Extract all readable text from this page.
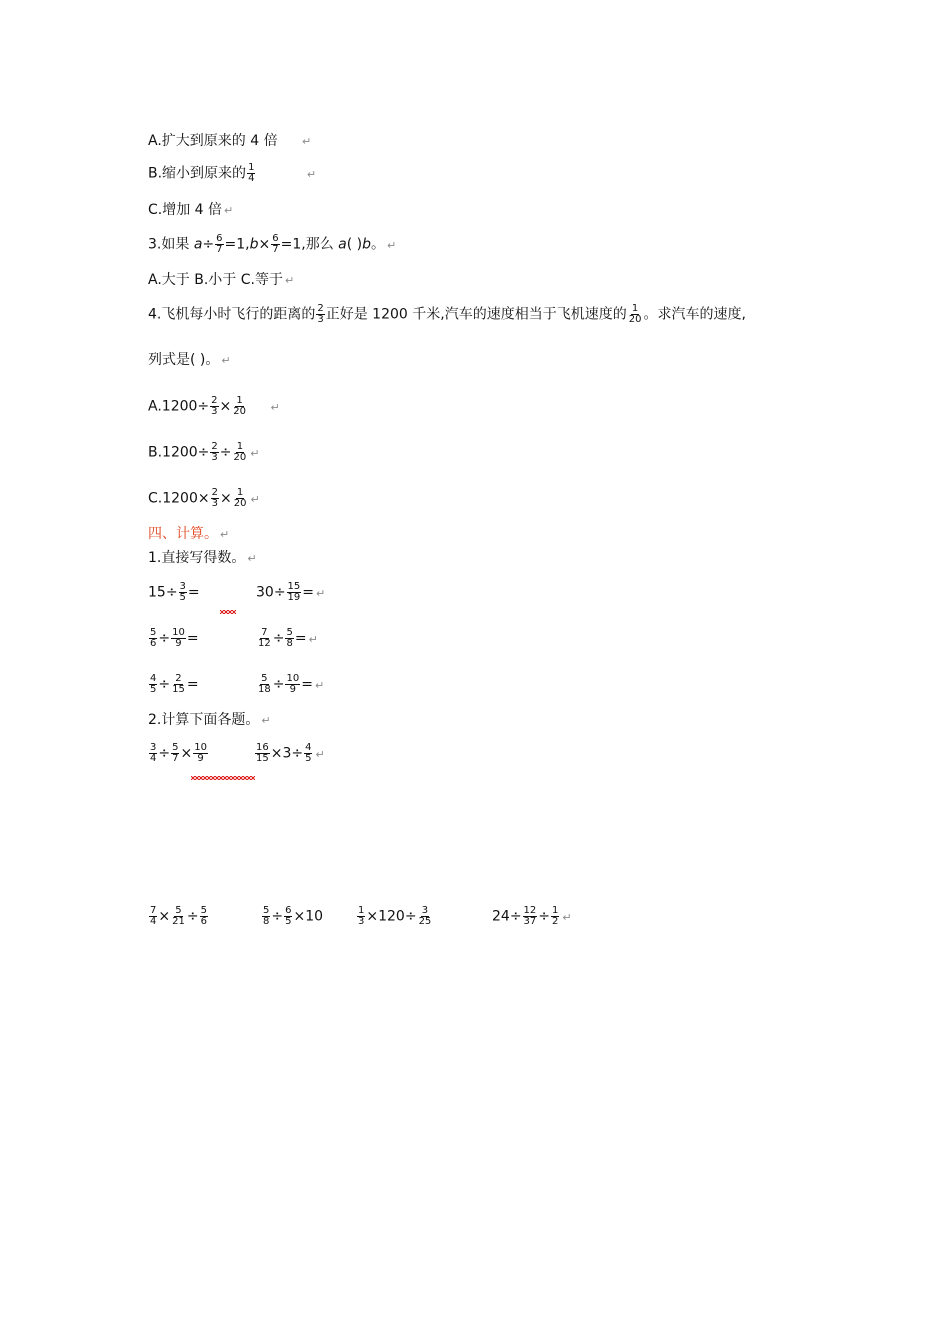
A.扩大到原来的 4 倍 ↵
B.缩小到原来的 $\frac{1}{4}$	↵
C.增加 4 倍 ↵
3.如果 $a\div \frac{6}{7} =1,b\times \frac{6}{7} =1$,那么 a( )b。 ↵
A.大于 B.小于 C.等于 ↵
4.飞机每小时飞行的距离的 $\frac{2}{3}$ 正好是 1200 千米,汽车的速度相当于飞机速度的 $\frac{1}{20}$ 。求汽车的速度,
列式是( )。 ↵
$A.1200\div \frac{2}{3} \times \frac{1}{20}$ ↵
$B.1200\div \frac{2}{3} \div \frac{1}{20}$ ↵
$C.1200\times \frac{2}{3} \times \frac{1}{20}$ ↵
四、计算。 ↵
1.直接写得数。 ↵
$15\div \frac{3}{5}$ =	$30\div \frac{15}{19}$ = ↵
$\frac{5}{6} \div \frac{10}{9}$ =	$\frac{7}{12} \div \frac{5}{8}$ = ↵
$\frac{4}{5} \div \frac{2}{15}$ =	$\frac{5}{18} \div \frac{10}{9}$ = ↵
2.计算下面各题。 ↵
$\frac{3}{4} \div \frac{5}{7} \times \frac{10}{9}$	$\frac{16}{15} \times 3\div \frac{4}{5}$ ↵
$\frac{7}{4} \times \frac{5}{21} \div \frac{5}{6}$	$\frac{5}{8} \div \frac{6}{5} \times 10$	$\frac{1}{3} \times 120\div \frac{3}{25}$	$24\div \frac{12}{37} \div \frac{1}{2}$ ↵
